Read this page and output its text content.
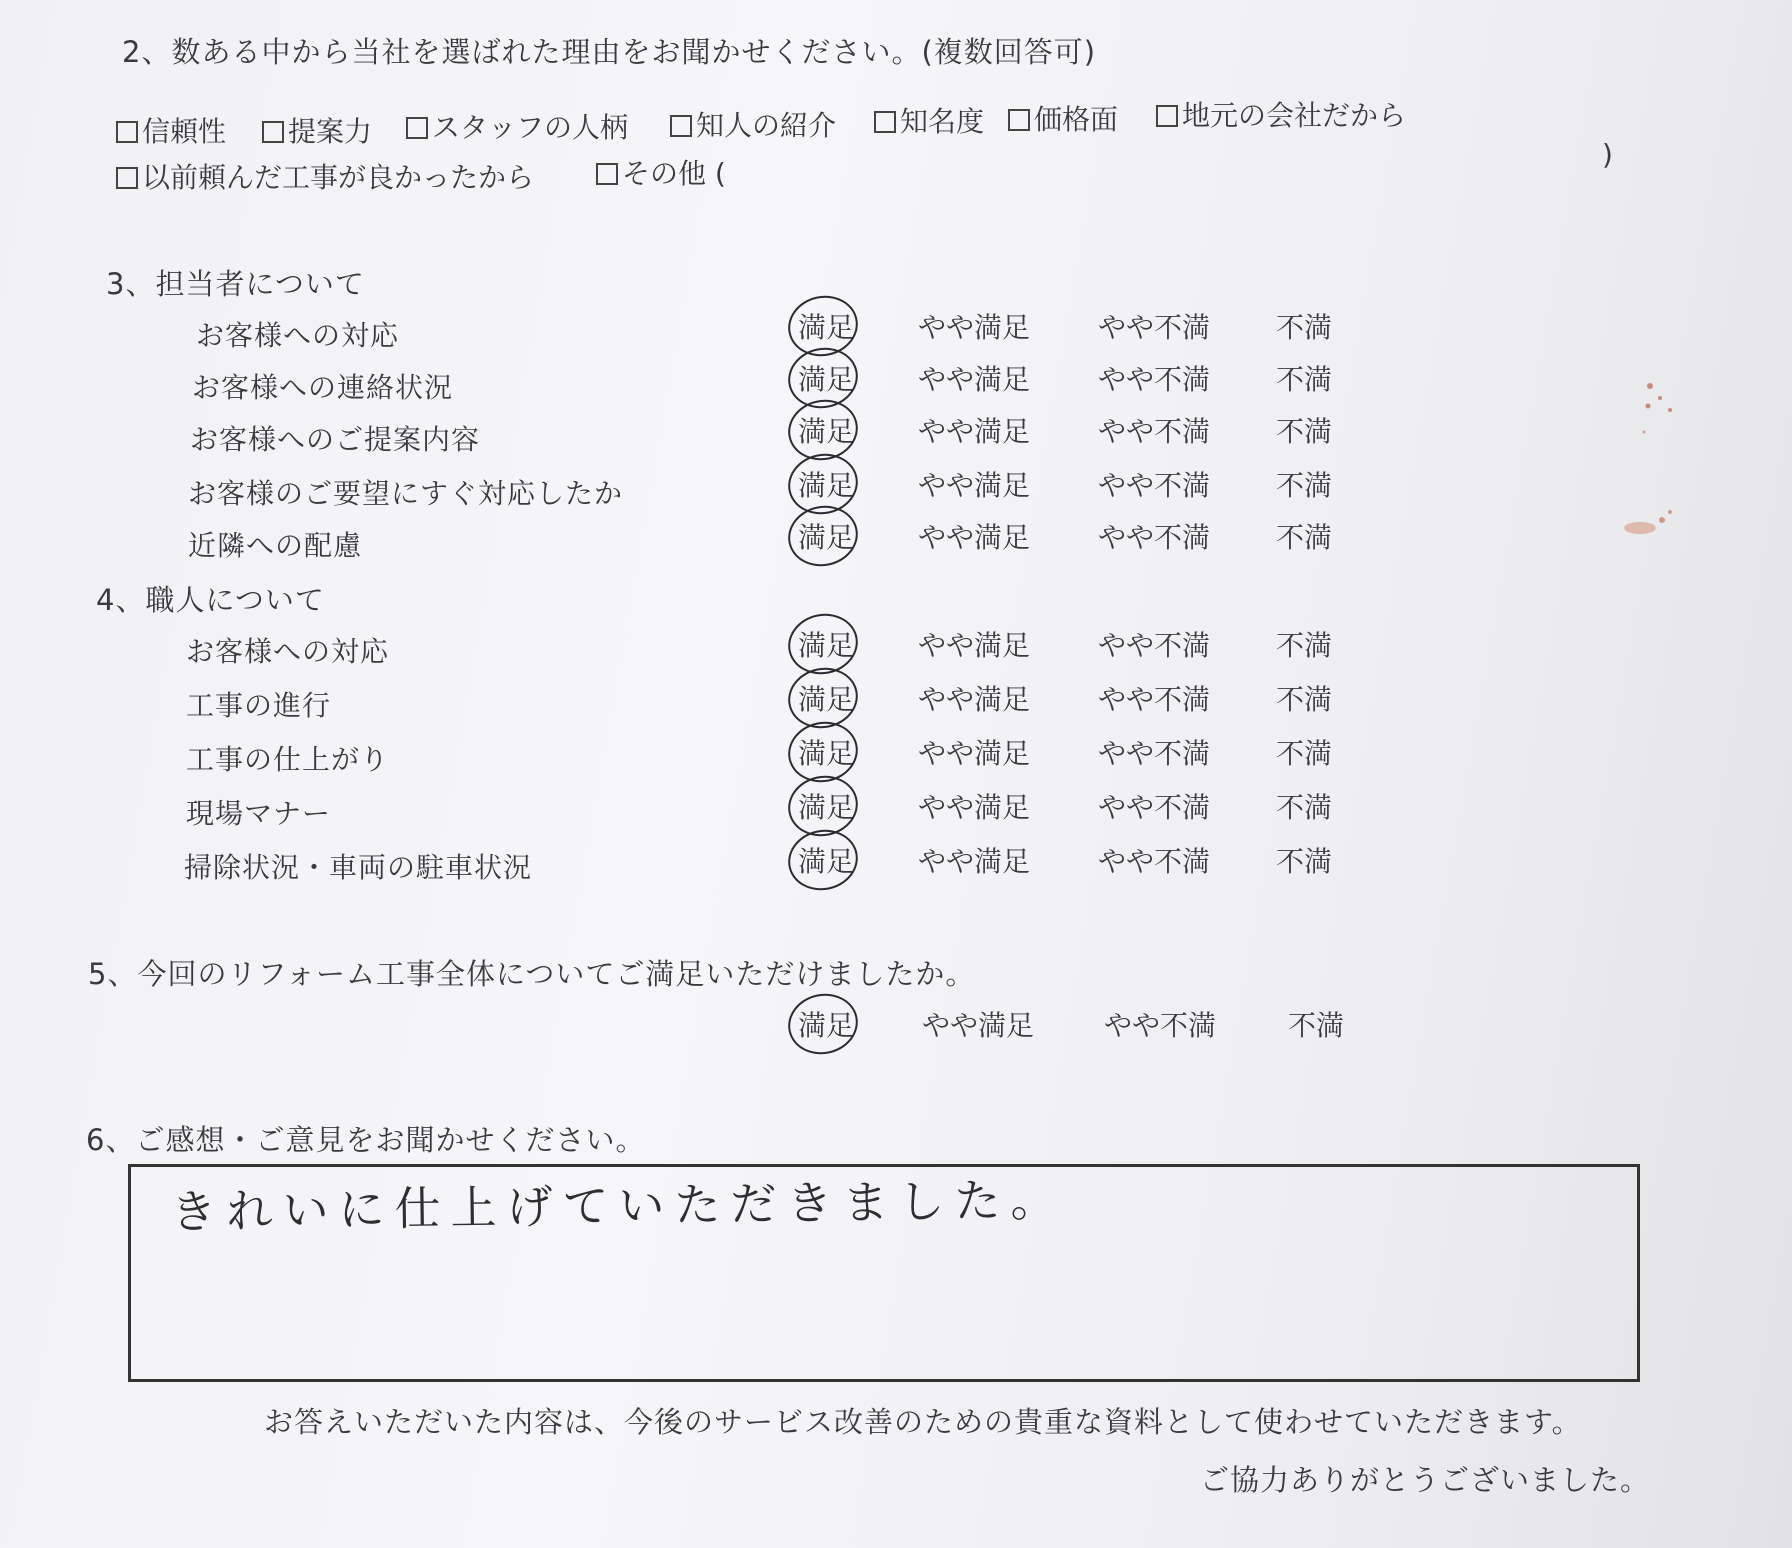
2、数ある中から当社を選ばれた理由をお聞かせください。(複数回答可)
信頼性	提案力	スタッフの人柄	知人の紹介	知名度	価格面	地元の会社だから
以前頼んだ工事が良かったから	その他 (
)
3、担当者について
4、職人について
5、今回のリフォーム工事全体についてご満足いただけましたか。
6、ご感想・ご意見をお聞かせください。
お客様への対応	満足 やや満足 やや不満 不満
お客様への連絡状況	満足 やや満足 やや不満 不満
お客様へのご提案内容	満足 やや満足 やや不満 不満
お客様のご要望にすぐ対応したか	満足 やや満足 やや不満 不満
近隣への配慮	満足 やや満足 やや不満 不満
お客様への対応	満足 やや満足 やや不満 不満
工事の進行	満足 やや満足 やや不満 不満
工事の仕上がり	満足 やや満足 やや不満 不満
現場マナー	満足 やや満足 やや不満 不満
掃除状況・車両の駐車状況	満足 やや満足 やや不満 不満
満足 やや満足 やや不満	不満
きれいに仕上げていただきました。
お答えいただいた内容は、今後のサービス改善のための貴重な資料として使わせていただきます。
ご協力ありがとうございました。
